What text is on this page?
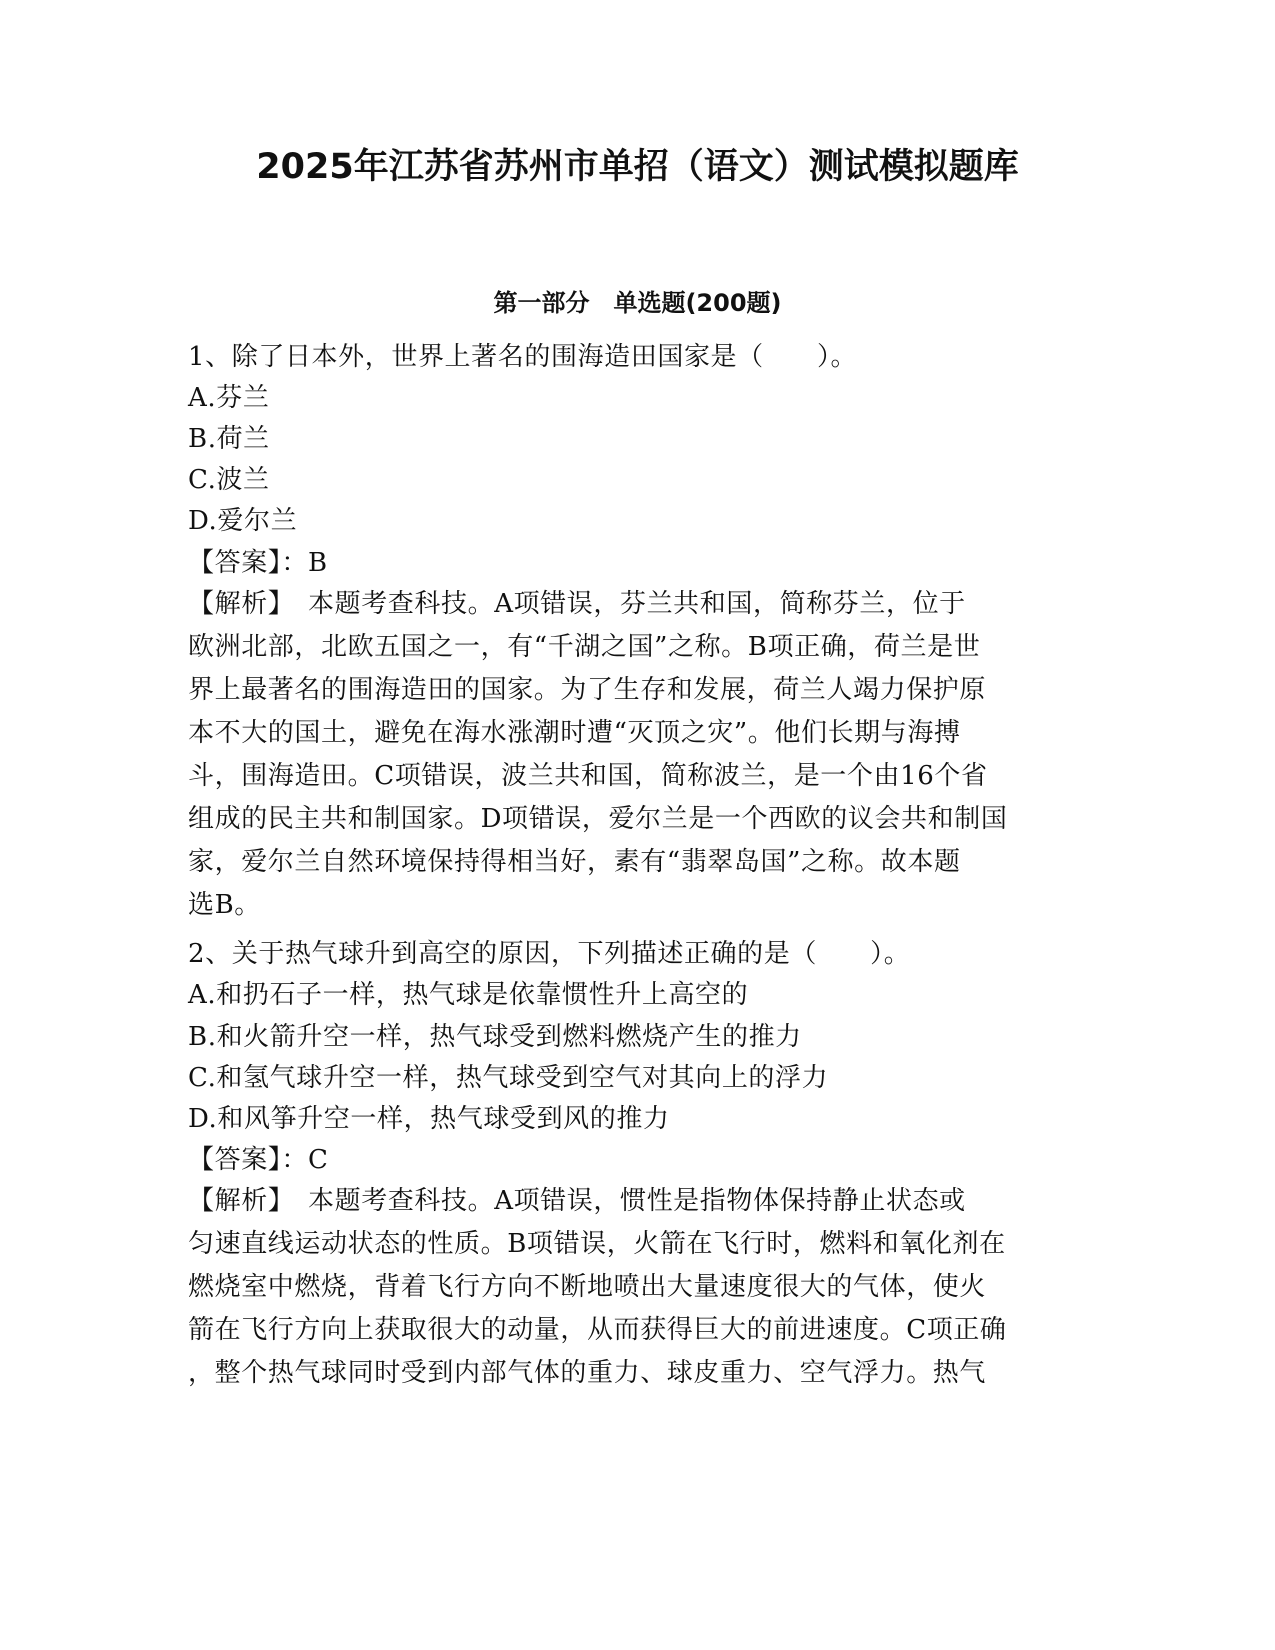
2025年江苏省苏州市单招（语文）测试模拟题库
第一部分　单选题(200题)

1、除了日本外，世界上著名的围海造田国家是（　　）。

A.芬兰

B.荷兰

C.波兰

D.爱尔兰

【答案】：B

【解析】　本题考查科技。A项错误，芬兰共和国，简称芬兰，位于
欧洲北部，北欧五国之一，有“千湖之国”之称。B项正确，荷兰是世
界上最著名的围海造田的国家。为了生存和发展，荷兰人竭力保护原
本不大的国土，避免在海水涨潮时遭“灭顶之灾”。他们长期与海搏
斗，围海造田。C项错误，波兰共和国，简称波兰，是一个由16个省
组成的民主共和制国家。D项错误，爱尔兰是一个西欧的议会共和制国
家，爱尔兰自然环境保持得相当好，素有“翡翠岛国”之称。故本题
选B。

2、关于热气球升到高空的原因，下列描述正确的是（　　）。

A.和扔石子一样，热气球是依靠惯性升上高空的

B.和火箭升空一样，热气球受到燃料燃烧产生的推力

C.和氢气球升空一样，热气球受到空气对其向上的浮力

D.和风筝升空一样，热气球受到风的推力

【答案】：C

【解析】　本题考查科技。A项错误，惯性是指物体保持静止状态或
匀速直线运动状态的性质。B项错误，火箭在飞行时，燃料和氧化剂在
燃烧室中燃烧，背着飞行方向不断地喷出大量速度很大的气体，使火
箭在飞行方向上获取很大的动量，从而获得巨大的前进速度。C项正确
，整个热气球同时受到内部气体的重力、球皮重力、空气浮力。热气
